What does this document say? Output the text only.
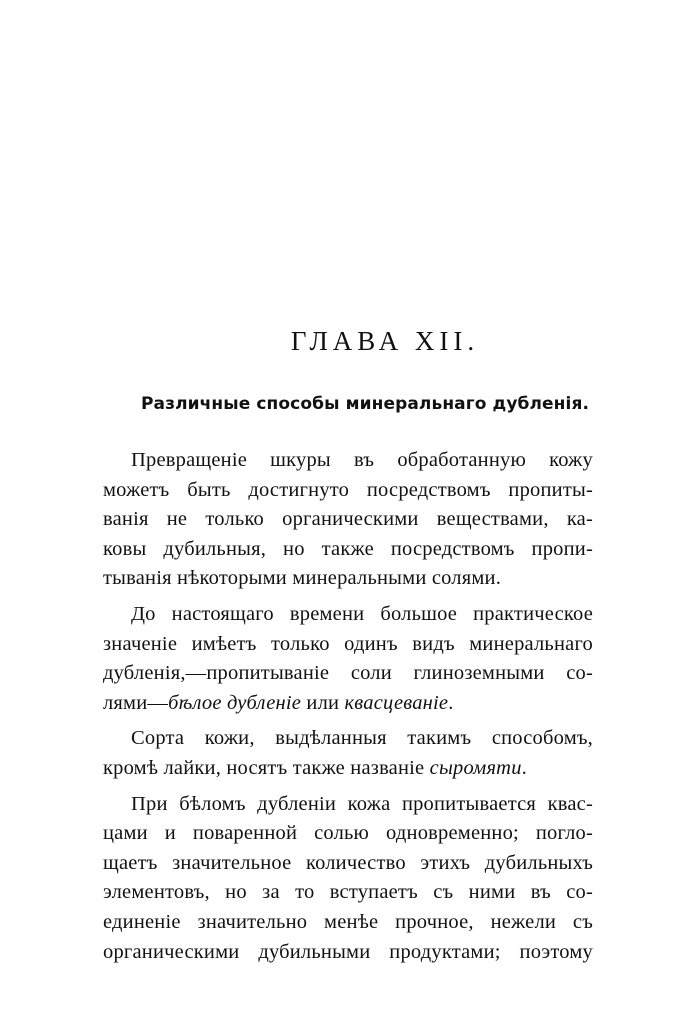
ГЛАВА XII.
Различные способы минеральнаго дубленія.
Превращеніе шкуры въ обработанную кожу
можетъ быть достигнуто посредствомъ пропиты-
ванія не только органическими веществами, ка-
ковы дубильныя, но также посредствомъ пропи-
тыванія нѣкоторыми минеральными солями.
До настоящаго времени большое практическое
значеніе имѣетъ только одинъ видъ минеральнаго
дубленія,—пропитываніе соли глиноземными со-
лями—бѣлое дубленіе или квасцеваніе.
Сорта кожи, выдѣланныя такимъ способомъ,
кромѣ лайки, носятъ также названіе сыромяти.
При бѣломъ дубленіи кожа пропитывается квас-
цами и поваренной солью одновременно; погло-
щаетъ значительное количество этихъ дубильныхъ
элементовъ, но за то вступаетъ съ ними въ со-
единеніе значительно менѣе прочное, нежели съ
органическими дубильными продуктами; поэтому
